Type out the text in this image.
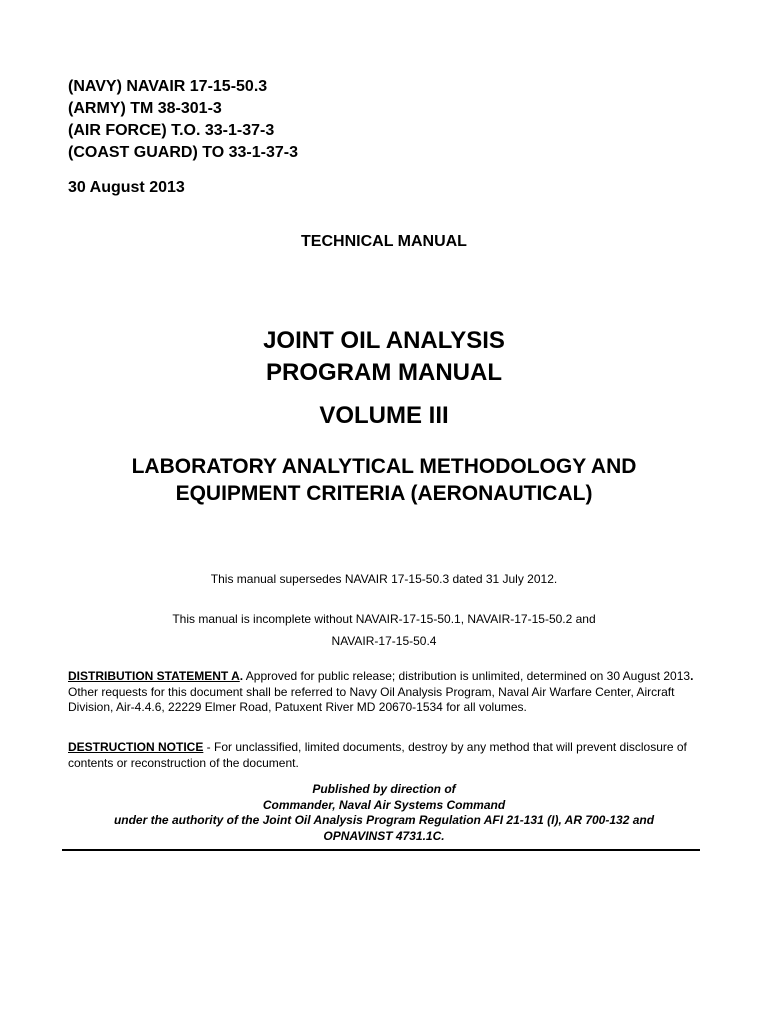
(NAVY) NAVAIR 17-15-50.3
(ARMY) TM 38-301-3
(AIR FORCE) T.O. 33-1-37-3
(COAST GUARD) TO 33-1-37-3
30 August 2013
TECHNICAL MANUAL
JOINT OIL ANALYSIS
PROGRAM MANUAL
VOLUME III
LABORATORY ANALYTICAL METHODOLOGY AND
EQUIPMENT CRITERIA (AERONAUTICAL)
This manual supersedes NAVAIR 17-15-50.3 dated 31 July 2012.
This manual is incomplete without NAVAIR-17-15-50.1, NAVAIR-17-15-50.2 and
NAVAIR-17-15-50.4
DISTRIBUTION STATEMENT A. Approved for public release; distribution is unlimited, determined on 30 August 2013. Other requests for this document shall be referred to Navy Oil Analysis Program, Naval Air Warfare Center, Aircraft Division, Air-4.4.6, 22229 Elmer Road, Patuxent River MD 20670-1534 for all volumes.
DESTRUCTION NOTICE - For unclassified, limited documents, destroy by any method that will prevent disclosure of contents or reconstruction of the document.
Published by direction of
Commander, Naval Air Systems Command
under the authority of the Joint Oil Analysis Program Regulation AFI 21-131 (I), AR 700-132 and
OPNAVINST 4731.1C.
